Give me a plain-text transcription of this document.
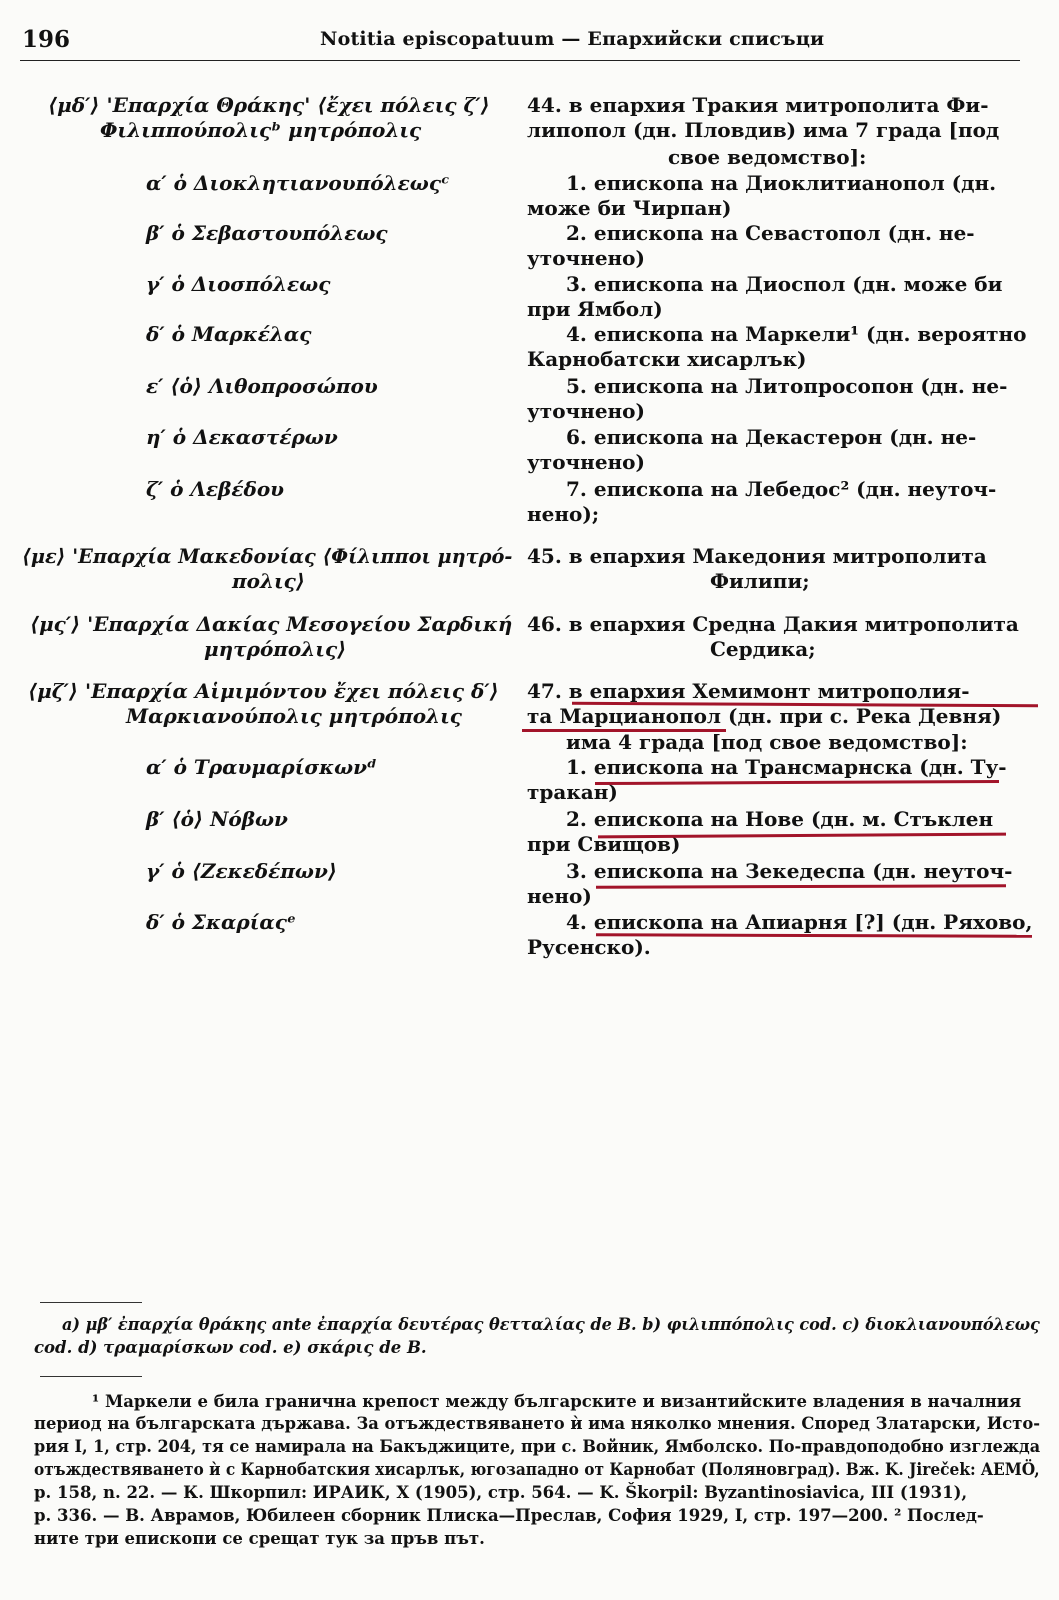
196	Notitia episcopatuum — Епархийски списъци
⟨μδ′⟩ 'Επαρχία Θράκης' ⟨ἔχει πόλεις ζ′⟩
Φιλιππούπολιςᵇ μητρόπολις
α′ ὁ Διοκλητιανουπόλεωςᶜ
β′ ὁ Σεβαστουπόλεως
γ′ ὁ Διοσπόλεως
δ′ ὁ Μαρκέλας
ε′ ⟨ὁ⟩ Λιθοπροσώπου
η′ ὁ Δεκαστέρων
ζ′ ὁ Λεβέδου
⟨με⟩ 'Επαρχία Μακεδονίας ⟨Φίλιπποι μητρό-
πολις⟩
⟨μς′⟩ 'Επαρχία Δακίας Μεσογείου Σαρδική
μητρόπολις⟩
⟨μζ′⟩ 'Επαρχία Αἱμιμόντου ἔχει πόλεις δ′⟩
Μαρκιανούπολις μητρόπολις
α′ ὁ Τραυμαρίσκωνᵈ
β′ ⟨ὁ⟩ Νόβων
γ′ ὁ ⟨Ζεκεδέπων⟩
δ′ ὁ Σκαρίαςᵉ
44. в епархия Тракия митрополита Фи-
липопол (дн. Пловдив) има 7 града [под
свое ведомство]:
1. епископа на Диоклитианопол (дн.
може би Чирпан)
2. епископа на Севастопол (дн. не-
уточнено)
3. епископа на Диоспол (дн. може би
при Ямбол)
4. епископа на Маркели¹ (дн. вероятно
Карнобатски хисарлък)
5. епископа на Литопросопон (дн. не-
уточнено)
6. епископа на Декастерон (дн. не-
уточнено)
7. епископа на Лебедос² (дн. неуточ-
нено);
45. в епархия Македония митрополита
Филипи;
46. в епархия Средна Дакия митрополита
Сердика;
47. в епархия Хемимонт митрополия-
та Марцианопол (дн. при с. Река Девня)
има 4 града [под свое ведомство]:
1. епископа на Трансмарнска (дн. Ту-
тракан)
2. епископа на Нове (дн. м. Стъклен
при Свищов)
3. епископа на Зекедеспа (дн. неуточ-
нено)
4. епископа на Апиарня [?] (дн. Ряхово,
Русенско).
a) μβ′ ἐπαρχία θράκης ante ἐπαρχία δευτέρας θετταλίας de B. b) φιλιππόπολις cod. c) διοκλιανουπόλεως
cod. d) τραμαρίσκων cod. e) σκάρις de B.
¹ Маркели е била гранична крепост между българските и византийските владения в началния
период на българската държава. За отъждествяването ѝ има няколко мнения. Според Златарски, Исто-
рия I, 1, стр. 204, тя се намирала на Бакъджиците, при с. Войник, Ямболско. По-правдоподобно изглежда
отъждествяването ѝ с Карнобатския хисарлък, югозападно от Карнобат (Поляновград). Вж. K. Jireček: AEMÖ,
p. 158, n. 22. — К. Шкорпил: ИРАИК, X (1905), стр. 564. — K. Škorpil: Byzantinosiavica, III (1931),
p. 336. — В. Аврамов, Юбилеен сборник Плиска—Преслав, София 1929, I, стр. 197—200. ² Послед-
ните три епископи се срещат тук за пръв път.
